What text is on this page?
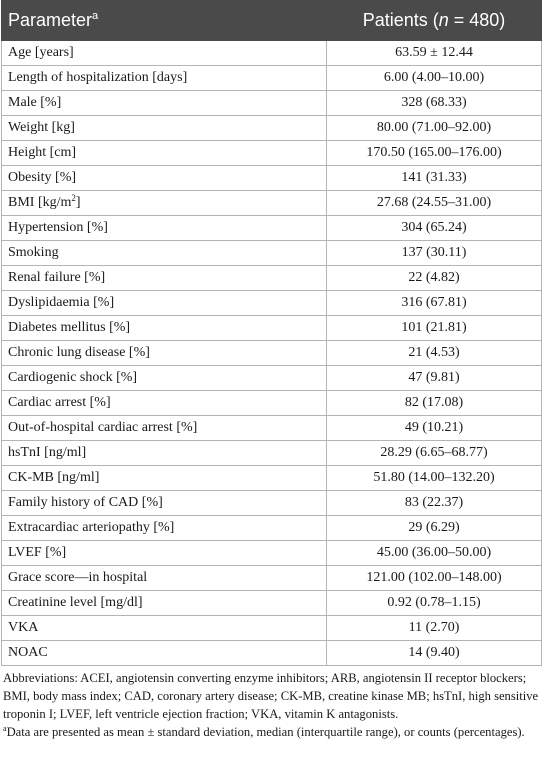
Parameter$^a$	Patients (n = 480)
Age [years]	63.59 ± 12.44
Length of hospitalization [days]	6.00 (4.00–10.00)
Male [%]	328 (68.33)
Weight [kg]	80.00 (71.00–92.00)
Height [cm]	170.50 (165.00–176.00)
Obesity [%]	141 (31.33)
BMI $[kg/m^2]$	27.68 (24.55–31.00)
Hypertension [%]	304 (65.24)
Smoking	137 (30.11)
Renal failure [%]	22 (4.82)
Dyslipidaemia [%]	316 (67.81)
Diabetes mellitus [%]	101 (21.81)
Chronic lung disease [%]	21 (4.53)
Cardiogenic shock [%]	47 (9.81)
Cardiac arrest [%]	82 (17.08)
Out-of-hospital cardiac arrest [%]	49 (10.21)
hsTnI [ng/ml]	28.29 (6.65–68.77)
CK-MB [ng/ml]	51.80 (14.00–132.20)
Family history of CAD [%]	83 (22.37)
Extracardiac arteriopathy [%]	29 (6.29)
LVEF [%]	45.00 (36.00–50.00)
Grace score—in hospital	121.00 (102.00–148.00)
Creatinine level [mg/dl]	0.92 (0.78–1.15)
VKA	11 (2.70)
NOAC	14 (9.40)

Abbreviations: ACEI, angiotensin converting enzyme inhibitors; ARB, angiotensin II receptor blockers; BMI, body mass index; CAD, coronary artery disease; CK-MB, creatine kinase MB; hsTnI, high sensitive troponin I; LVEF, left ventricle ejection fraction; VKA, vitamin K antagonists.

$^a$Data are presented as mean ± standard deviation, median (interquartile range), or counts (percentages).
